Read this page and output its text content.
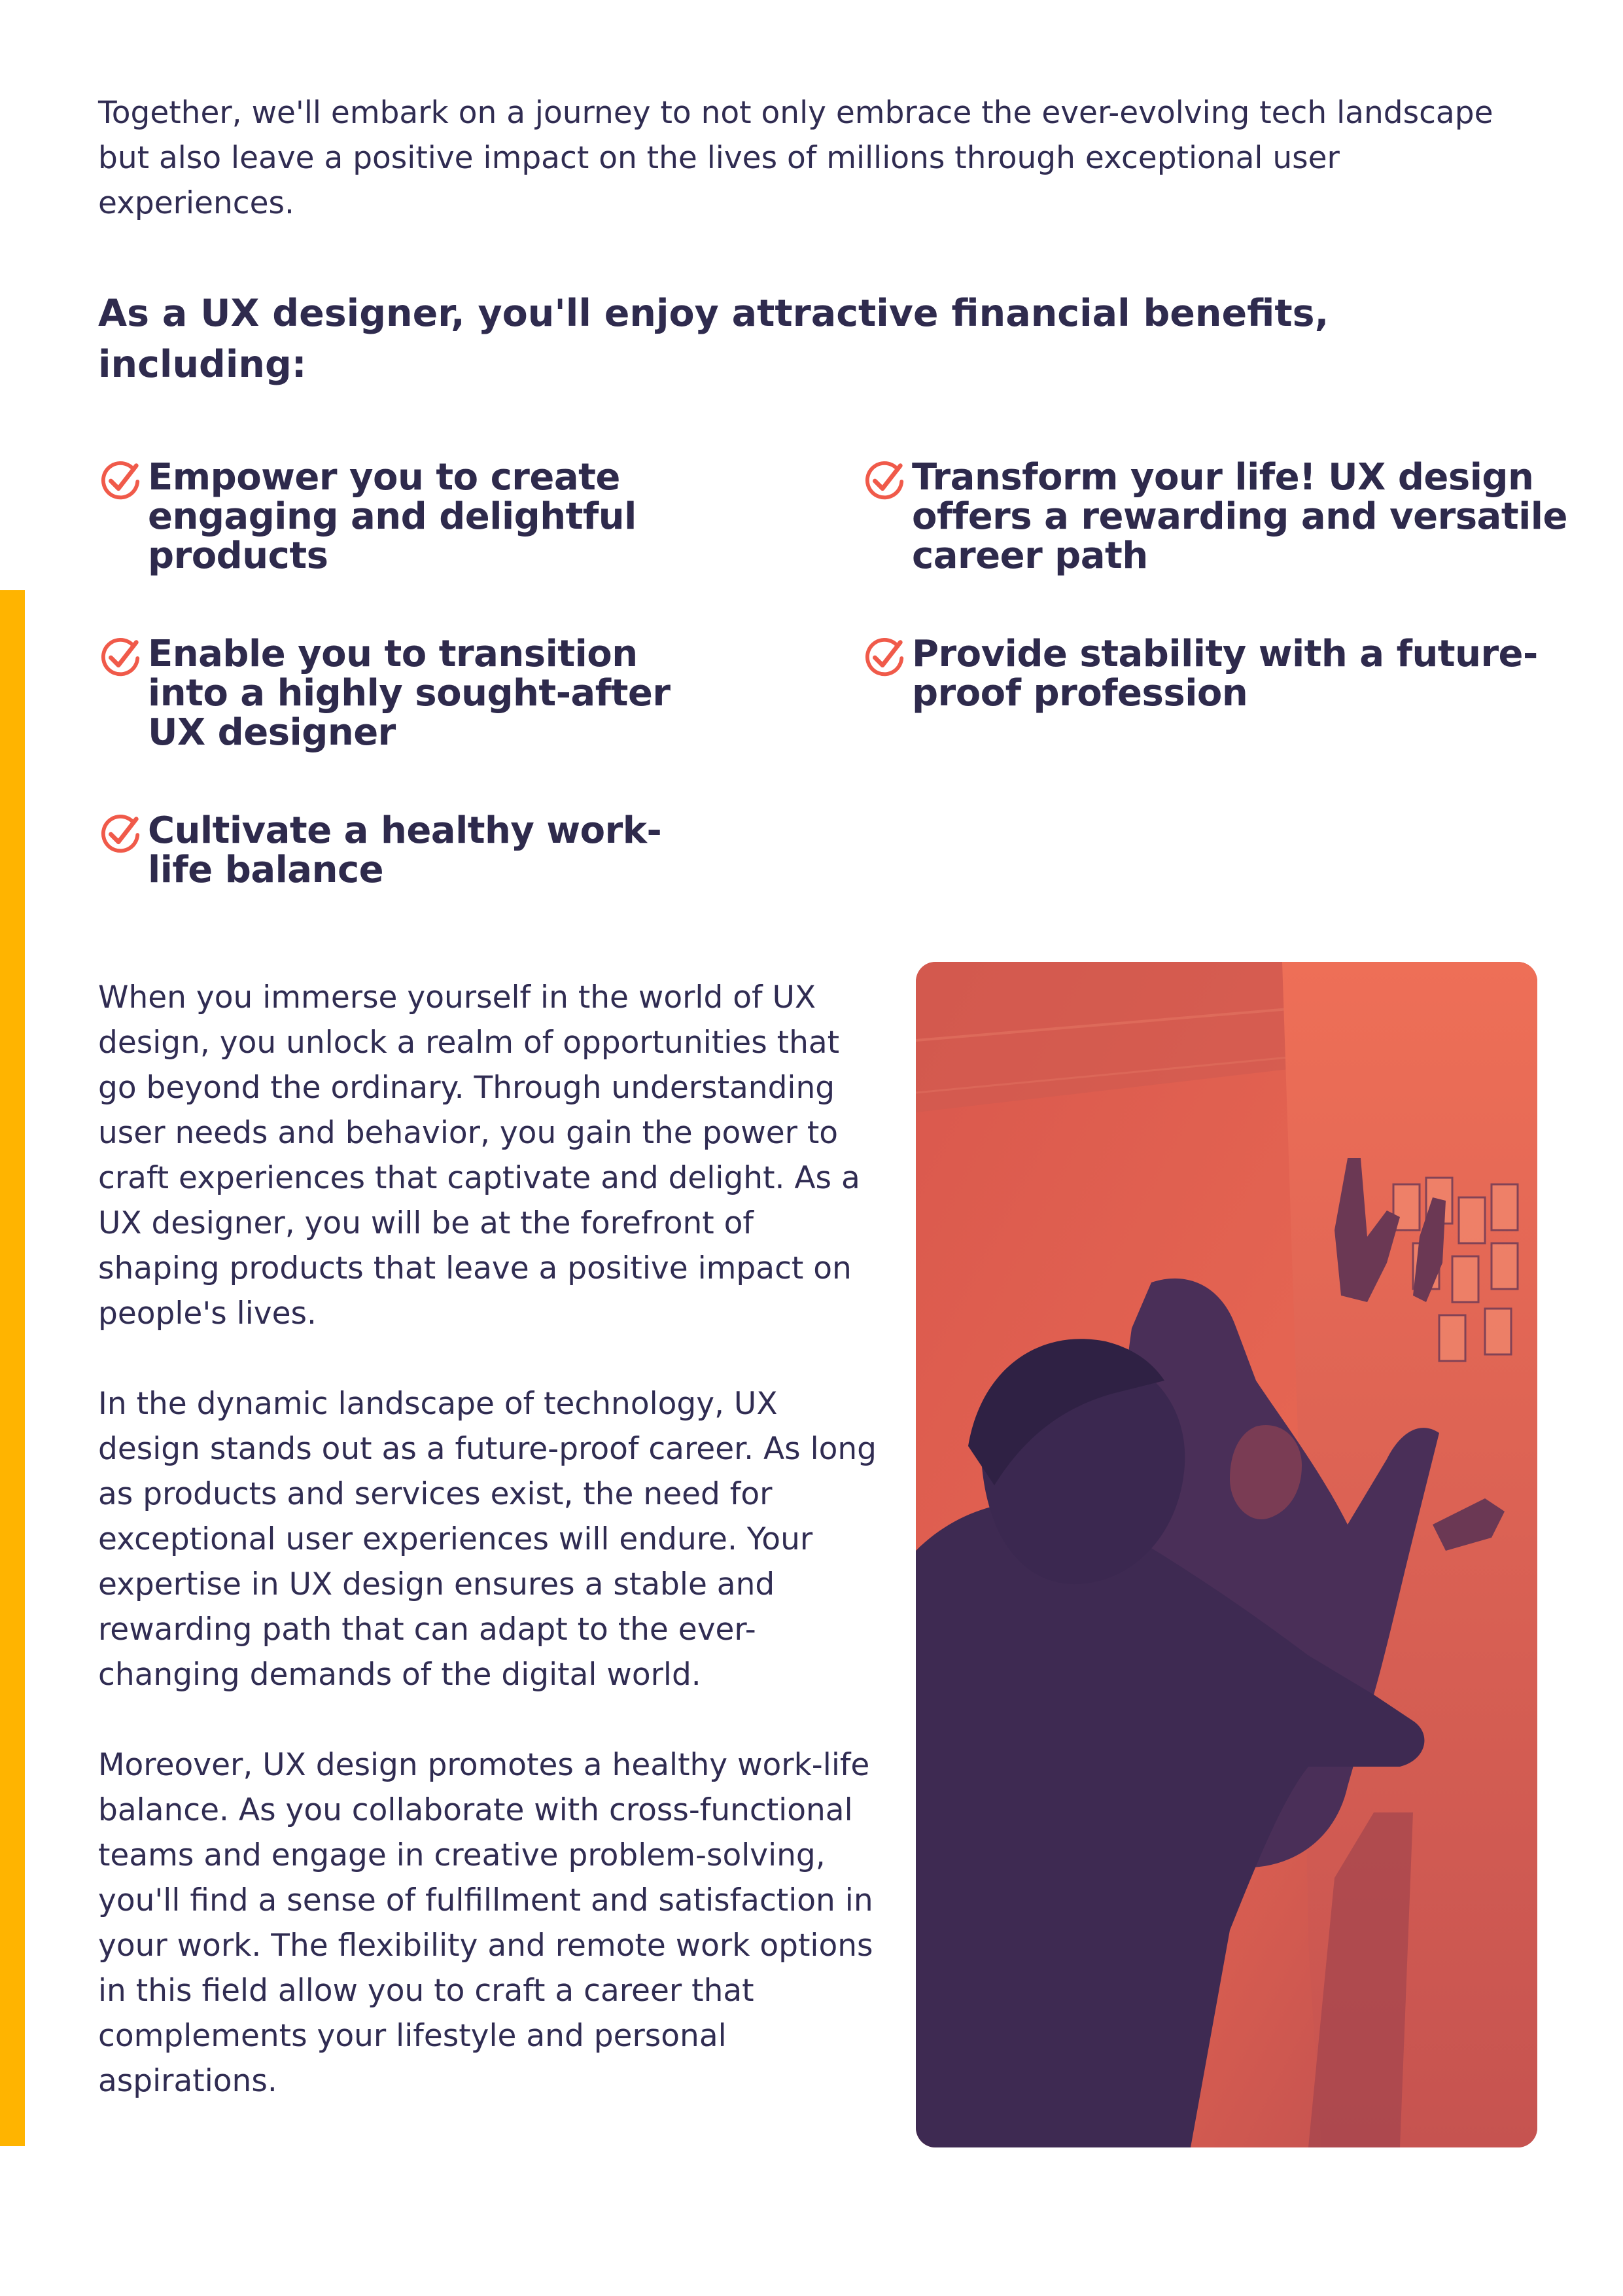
Together, we'll embark on a journey to not only embrace the ever-evolving tech landscape but also leave a positive impact on the lives of millions through exceptional user experiences.

As a UX designer, you'll enjoy attractive financial benefits, including:
Empower you to create engaging and delightful products
Enable you to transition into a highly sought-after UX designer
Cultivate a healthy work-life balance
Transform your life! UX design offers a rewarding and versatile career path
Provide stability with a future-proof profession

When you immerse yourself in the world of UX design, you unlock a realm of opportunities that go beyond the ordinary. Through understanding user needs and behavior, you gain the power to craft experiences that captivate and delight. As a UX designer, you will be at the forefront of shaping products that leave a positive impact on people's lives.

In the dynamic landscape of technology, UX design stands out as a future-proof career. As long as products and services exist, the need for exceptional user experiences will endure. Your expertise in UX design ensures a stable and rewarding path that can adapt to the ever-changing demands of the digital world.

Moreover, UX design promotes a healthy work-life balance. As you collaborate with cross-functional teams and engage in creative problem-solving, you'll find a sense of fulfillment and satisfaction in your work. The flexibility and remote work options in this field allow you to craft a career that complements your lifestyle and personal aspirations.
